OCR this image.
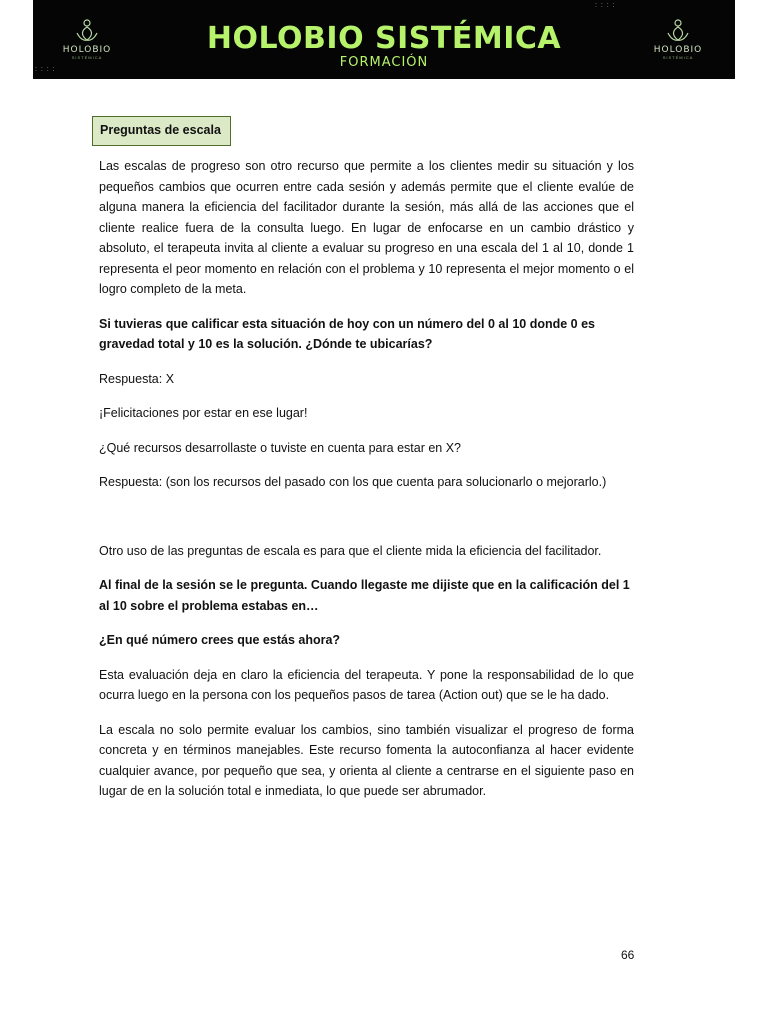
HOLOBIO
SISTÉMICA
HOLOBIO SISTÉMICA
FORMACIÓN
HOLOBIO
SISTÉMICA
: : : :
: : : :
Preguntas de escala

Las escalas de progreso son otro recurso que permite a los clientes medir su situación y los pequeños cambios que ocurren entre cada sesión y además permite que el cliente evalúe de alguna manera la eficiencia del facilitador durante la sesión, más allá de las acciones que el cliente realice fuera de la consulta luego. En lugar de enfocarse en un cambio drástico y absoluto, el terapeuta invita al cliente a evaluar su progreso en una escala del 1 al 10, donde 1 representa el peor momento en relación con el problema y 10 representa el mejor momento o el logro completo de la meta.

Si tuvieras que calificar esta situación de hoy con un número del 0 al 10 donde 0 es gravedad total y 10 es la solución. ¿Dónde te ubicarías?

Respuesta: X

¡Felicitaciones por estar en ese lugar!

¿Qué recursos desarrollaste o tuviste en cuenta para estar en X?

Respuesta: (son los recursos del pasado con los que cuenta para solucionarlo o mejorarlo.)

Otro uso de las preguntas de escala es para que el cliente mida la eficiencia del facilitador.

Al final de la sesión se le pregunta. Cuando llegaste me dijiste que en la calificación del 1 al 10 sobre el problema estabas en…

¿En qué número crees que estás ahora?

Esta evaluación deja en claro la eficiencia del terapeuta. Y pone la responsabilidad de lo que ocurra luego en la persona con los pequeños pasos de tarea (Action out) que se le ha dado.

La escala no solo permite evaluar los cambios, sino también visualizar el progreso de forma concreta y en términos manejables. Este recurso fomenta la autoconfianza al hacer evidente cualquier avance, por pequeño que sea, y orienta al cliente a centrarse en el siguiente paso en lugar de en la solución total e inmediata, lo que puede ser abrumador.

66
